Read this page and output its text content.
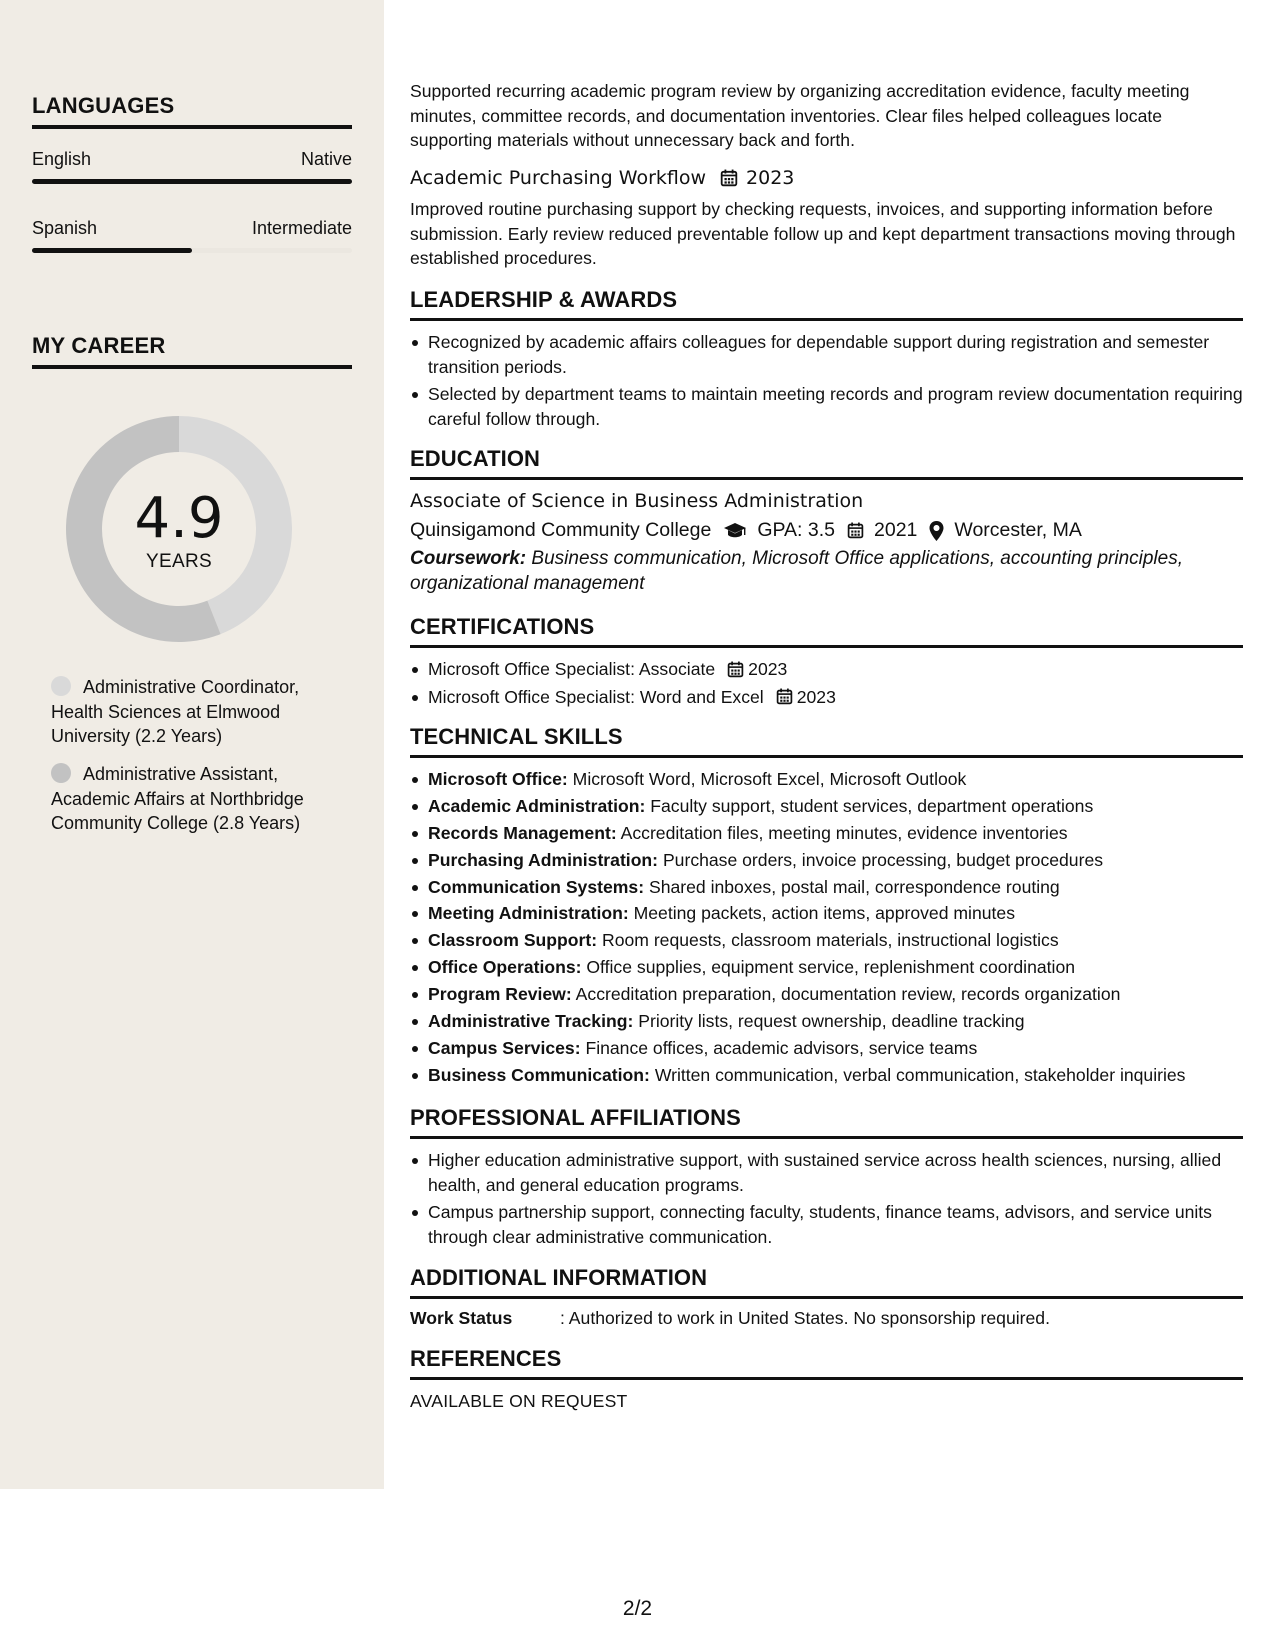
LANGUAGES
English	Native
Spanish	Intermediate
MY CAREER
4.9
YEARS
Administrative Coordinator, Health Sciences at Elmwood University (2.2 Years)
Administrative Assistant, Academic Affairs at Northbridge Community College (2.8 Years)

Supported recurring academic program review by organizing accreditation evidence, faculty meeting minutes, committee records, and documentation inventories. Clear files helped colleagues locate supporting materials without unnecessary back and forth.

Academic Purchasing Workflow 2023

Improved routine purchasing support by checking requests, invoices, and supporting information before submission. Early review reduced preventable follow up and kept department transactions moving through established procedures.

LEADERSHIP & AWARDS
Recognized by academic affairs colleagues for dependable support during registration and semester transition periods.
Selected by department teams to maintain meeting records and program review documentation requiring careful follow through.
EDUCATION
Associate of Science in Business Administration
Quinsigamond Community College GPA: 3.5 2021 Worcester, MA

Coursework: Business communication, Microsoft Office applications, accounting principles, organizational management

CERTIFICATIONS
Microsoft Office Specialist: Associate 2023
Microsoft Office Specialist: Word and Excel 2023
TECHNICAL SKILLS
Microsoft Office: Microsoft Word, Microsoft Excel, Microsoft Outlook
Academic Administration: Faculty support, student services, department operations
Records Management: Accreditation files, meeting minutes, evidence inventories
Purchasing Administration: Purchase orders, invoice processing, budget procedures
Communication Systems: Shared inboxes, postal mail, correspondence routing
Meeting Administration: Meeting packets, action items, approved minutes
Classroom Support: Room requests, classroom materials, instructional logistics
Office Operations: Office supplies, equipment service, replenishment coordination
Program Review: Accreditation preparation, documentation review, records organization
Administrative Tracking: Priority lists, request ownership, deadline tracking
Campus Services: Finance offices, academic advisors, service teams
Business Communication: Written communication, verbal communication, stakeholder inquiries
PROFESSIONAL AFFILIATIONS
Higher education administrative support, with sustained service across health sciences, nursing, allied health, and general education programs.
Campus partnership support, connecting faculty, students, finance teams, advisors, and service units through clear administrative communication.
ADDITIONAL INFORMATION
Work Status	: Authorized to work in United States. No sponsorship required.
REFERENCES
AVAILABLE ON REQUEST
2/2
